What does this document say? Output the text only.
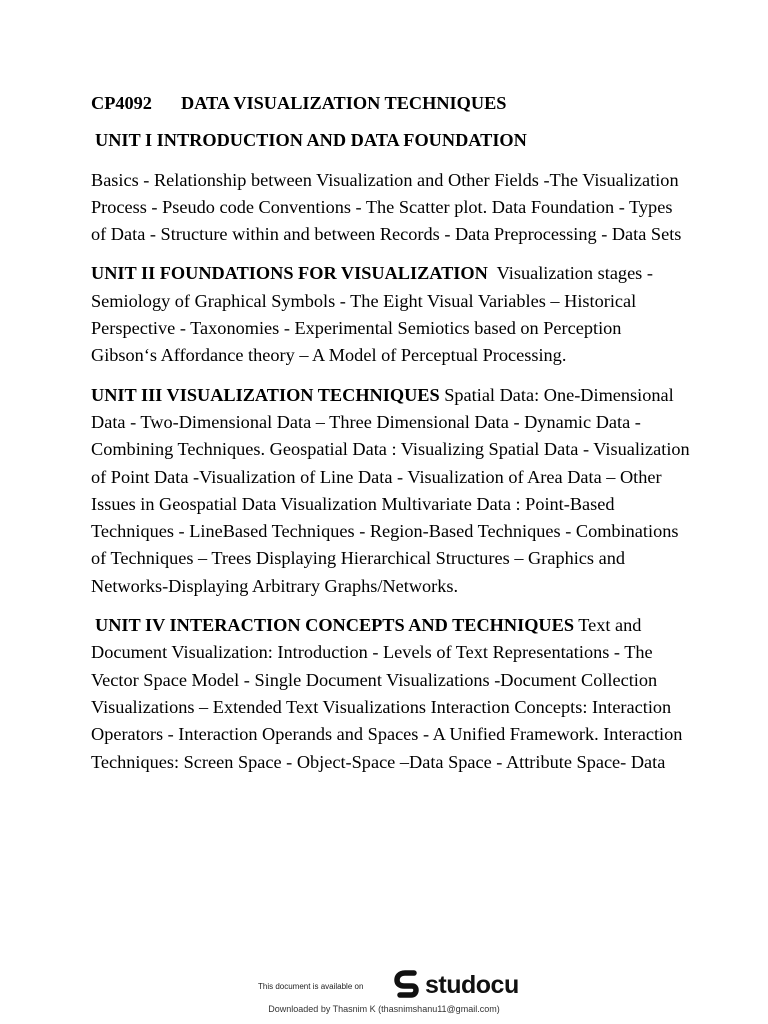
CP4092 DATA VISUALIZATION TECHNIQUES
UNIT I INTRODUCTION AND DATA FOUNDATION

Basics - Relationship between Visualization and Other Fields -The Visualization Process - Pseudo code Conventions - The Scatter plot. Data Foundation - Types of Data - Structure within and between Records - Data Preprocessing - Data Sets

UNIT II FOUNDATIONS FOR VISUALIZATION Visualization stages - Semiology of Graphical Symbols - The Eight Visual Variables – Historical Perspective - Taxonomies - Experimental Semiotics based on Perception Gibson‘s Affordance theory – A Model of Perceptual Processing.

UNIT III VISUALIZATION TECHNIQUES Spatial Data: One-Dimensional Data - Two-Dimensional Data – Three Dimensional Data - Dynamic Data - Combining Techniques. Geospatial Data : Visualizing Spatial Data - Visualization of Point Data -Visualization of Line Data - Visualization of Area Data – Other Issues in Geospatial Data Visualization Multivariate Data : Point-Based Techniques - LineBased Techniques - Region-Based Techniques - Combinations of Techniques – Trees Displaying Hierarchical Structures – Graphics and Networks-Displaying Arbitrary Graphs/Networks.

UNIT IV INTERACTION CONCEPTS AND TECHNIQUES Text and Document Visualization: Introduction - Levels of Text Representations - The Vector Space Model - Single Document Visualizations -Document Collection Visualizations – Extended Text Visualizations Interaction Concepts: Interaction Operators - Interaction Operands and Spaces - A Unified Framework. Interaction Techniques: Screen Space - Object-Space –Data Space - Attribute Space- Data

This document is available on studocu
Downloaded by Thasnim K (thasnimshanu11@gmail.com)
